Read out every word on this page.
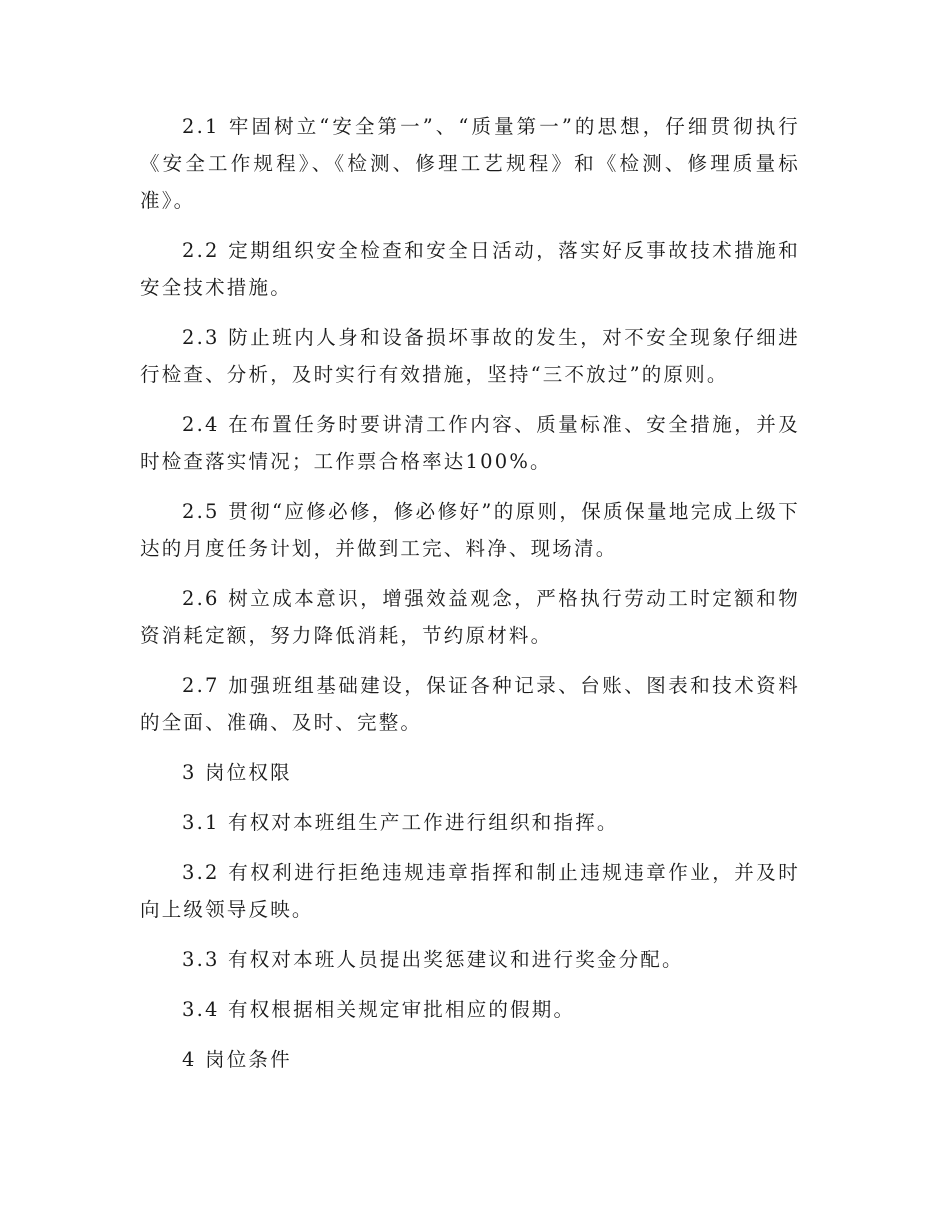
2.1 牢固树立“安全第一”、“质量第一”的思想，仔细贯彻执行《安全工作规程》、《检测、修理工艺规程》和《检测、修理质量标准》。

2.2 定期组织安全检查和安全日活动，落实好反事故技术措施和安全技术措施。

2.3 防止班内人身和设备损坏事故的发生，对不安全现象仔细进行检查、分析，及时实行有效措施，坚持“三不放过”的原则。

2.4 在布置任务时要讲清工作内容、质量标准、安全措施，并及时检查落实情况；工作票合格率达100%。

2.5 贯彻“应修必修，修必修好”的原则，保质保量地完成上级下达的月度任务计划，并做到工完、料净、现场清。

2.6 树立成本意识，增强效益观念，严格执行劳动工时定额和物资消耗定额，努力降低消耗，节约原材料。

2.7 加强班组基础建设，保证各种记录、台账、图表和技术资料的全面、准确、及时、完整。

3 岗位权限

3.1 有权对本班组生产工作进行组织和指挥。

3.2 有权利进行拒绝违规违章指挥和制止违规违章作业，并及时向上级领导反映。

3.3 有权对本班人员提出奖惩建议和进行奖金分配。

3.4 有权根据相关规定审批相应的假期。

4 岗位条件
